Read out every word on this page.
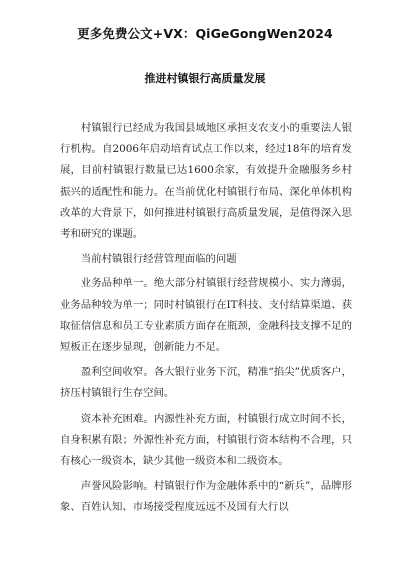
更多免费公文+VX：QiGeGongWen2024
推进村镇银行高质量发展

村镇银行已经成为我国县域地区承担支农支小的重要法人银行机构。自2006年启动培育试点工作以来，经过18年的培育发展，目前村镇银行数量已达1600余家，有效提升金融服务乡村振兴的适配性和能力。在当前优化村镇银行布局、深化单体机构改革的大背景下，如何推进村镇银行高质量发展，是值得深入思考和研究的课题。

当前村镇银行经营管理面临的问题

业务品种单一。绝大部分村镇银行经营规模小、实力薄弱，业务品种较为单一；同时村镇银行在IT科技、支付结算渠道、获取征信信息和员工专业素质方面存在瓶颈，金融科技支撑不足的短板正在逐步显现，创新能力不足。

盈利空间收窄。各大银行业务下沉，精准“掐尖”优质客户，挤压村镇银行生存空间。

资本补充困难。内源性补充方面，村镇银行成立时间不长，自身积累有限；外源性补充方面，村镇银行资本结构不合理，只有核心一级资本，缺少其他一级资本和二级资本。

声誉风险影响。村镇银行作为金融体系中的“新兵”，品牌形象、百姓认知、市场接受程度远远不及国有大行以
